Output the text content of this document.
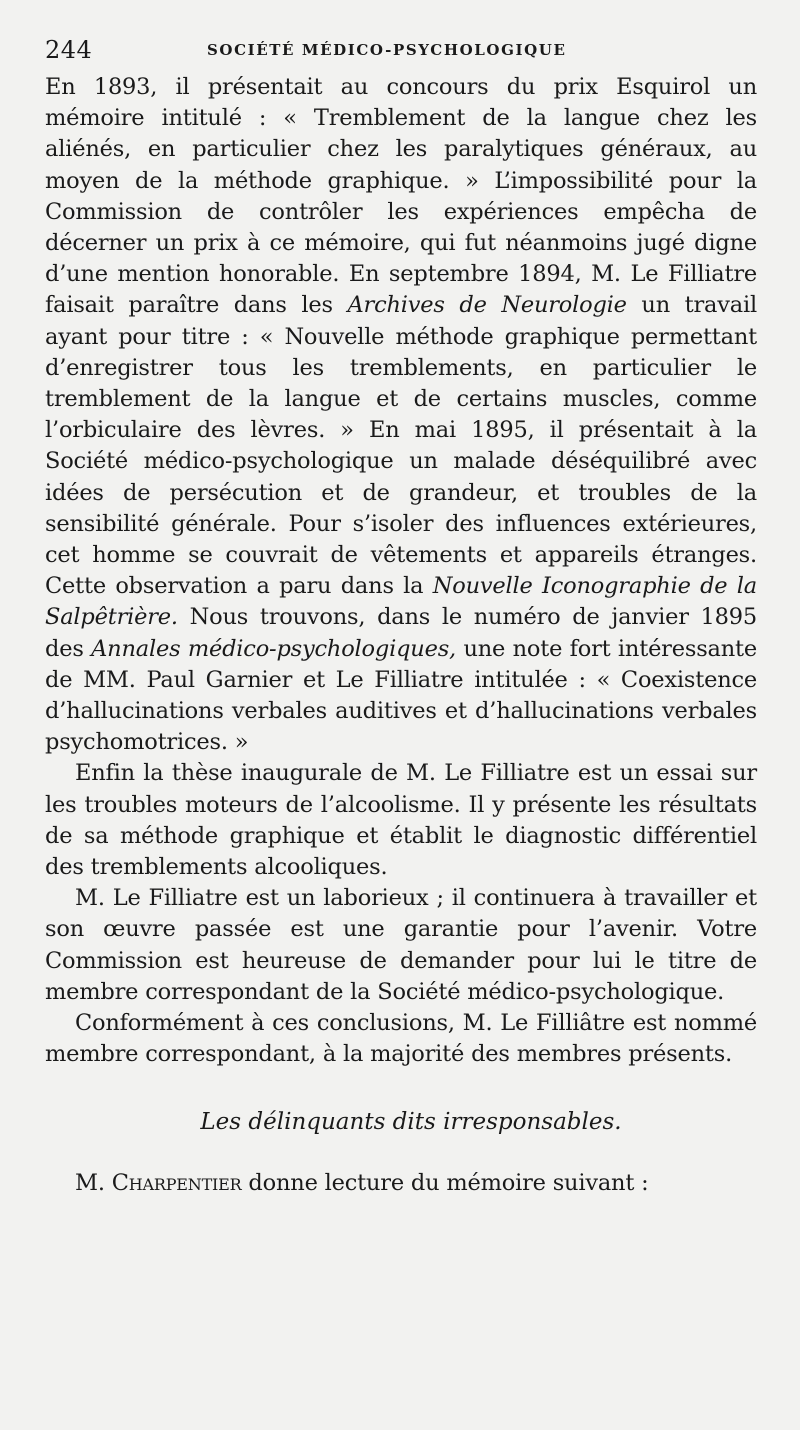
244	SOCIÉTÉ MÉDICO-PSYCHOLOGIQUE

En 1893, il présentait au concours du prix Esquirol un mémoire intitulé : « Tremblement de la langue chez les aliénés, en particulier chez les paralytiques généraux, au moyen de la méthode graphique. » L’impossibilité pour la Commission de contrôler les expériences empêcha de décerner un prix à ce mémoire, qui fut néanmoins jugé digne d’une mention honorable. En septembre 1894, M. Le Filliatre faisait paraître dans les Archives de Neurologie un travail ayant pour titre : « Nouvelle méthode graphique permettant d’enregistrer tous les tremblements, en particulier le tremblement de la langue et de certains muscles, comme l’orbiculaire des lèvres. » En mai 1895, il présentait à la Société médico-psychologique un malade déséquilibré avec idées de persécution et de grandeur, et troubles de la sensibilité générale. Pour s’isoler des influences extérieures, cet homme se couvrait de vêtements et appareils étranges. Cette observation a paru dans la Nouvelle Iconographie de la Salpêtrière. Nous trouvons, dans le numéro de janvier 1895 des Annales médico-psychologiques, une note fort intéressante de MM. Paul Garnier et Le Filliatre intitulée : « Coexistence d’hallucinations verbales auditives et d’hallucinations verbales psychomotrices. »

Enfin la thèse inaugurale de M. Le Filliatre est un essai sur les troubles moteurs de l’alcoolisme. Il y présente les résultats de sa méthode graphique et établit le diagnostic différentiel des tremblements alcooliques.

M. Le Filliatre est un laborieux ; il continuera à travailler et son œuvre passée est une garantie pour l’avenir. Votre Commission est heureuse de demander pour lui le titre de membre correspondant de la Société médico-psychologique.

Conformément à ces conclusions, M. Le Filliâtre est nommé membre correspondant, à la majorité des membres présents.

Les délinquants dits irresponsables.

M. Charpentier donne lecture du mémoire suivant :
